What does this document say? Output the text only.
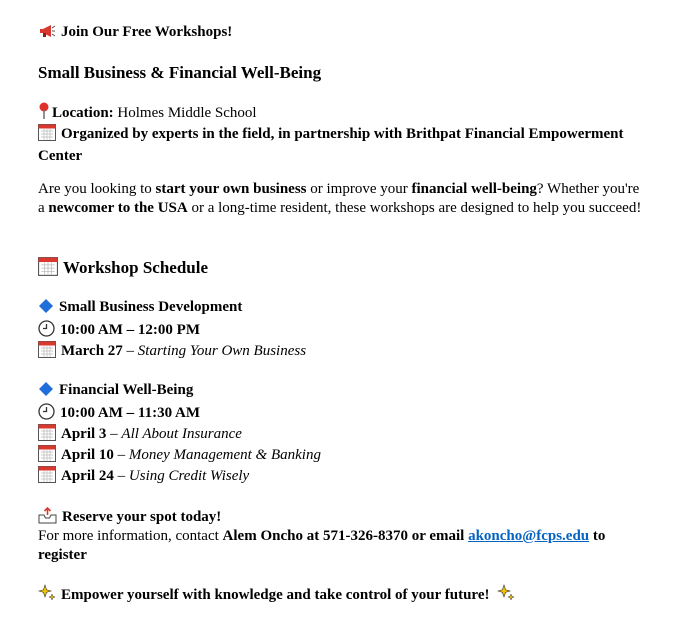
Join Our Free Workshops!
Small Business & Financial Well-Being
Location: Holmes Middle School
Organized by experts in the field, in partnership with Brithpat Financial Empowerment Center
Are you looking to start your own business or improve your financial well-being? Whether you're a newcomer to the USA or a long-time resident, these workshops are designed to help you succeed!
Workshop Schedule
Small Business Development
10:00 AM – 12:00 PM
March 27 – Starting Your Own Business
Financial Well-Being
10:00 AM – 11:30 AM
April 3 – All About Insurance
April 10 – Money Management & Banking
April 24 – Using Credit Wisely
Reserve your spot today!
For more information, contact Alem Oncho at 571-326-8370 or email akoncho@fcps.edu to register
Empower yourself with knowledge and take control of your future!
